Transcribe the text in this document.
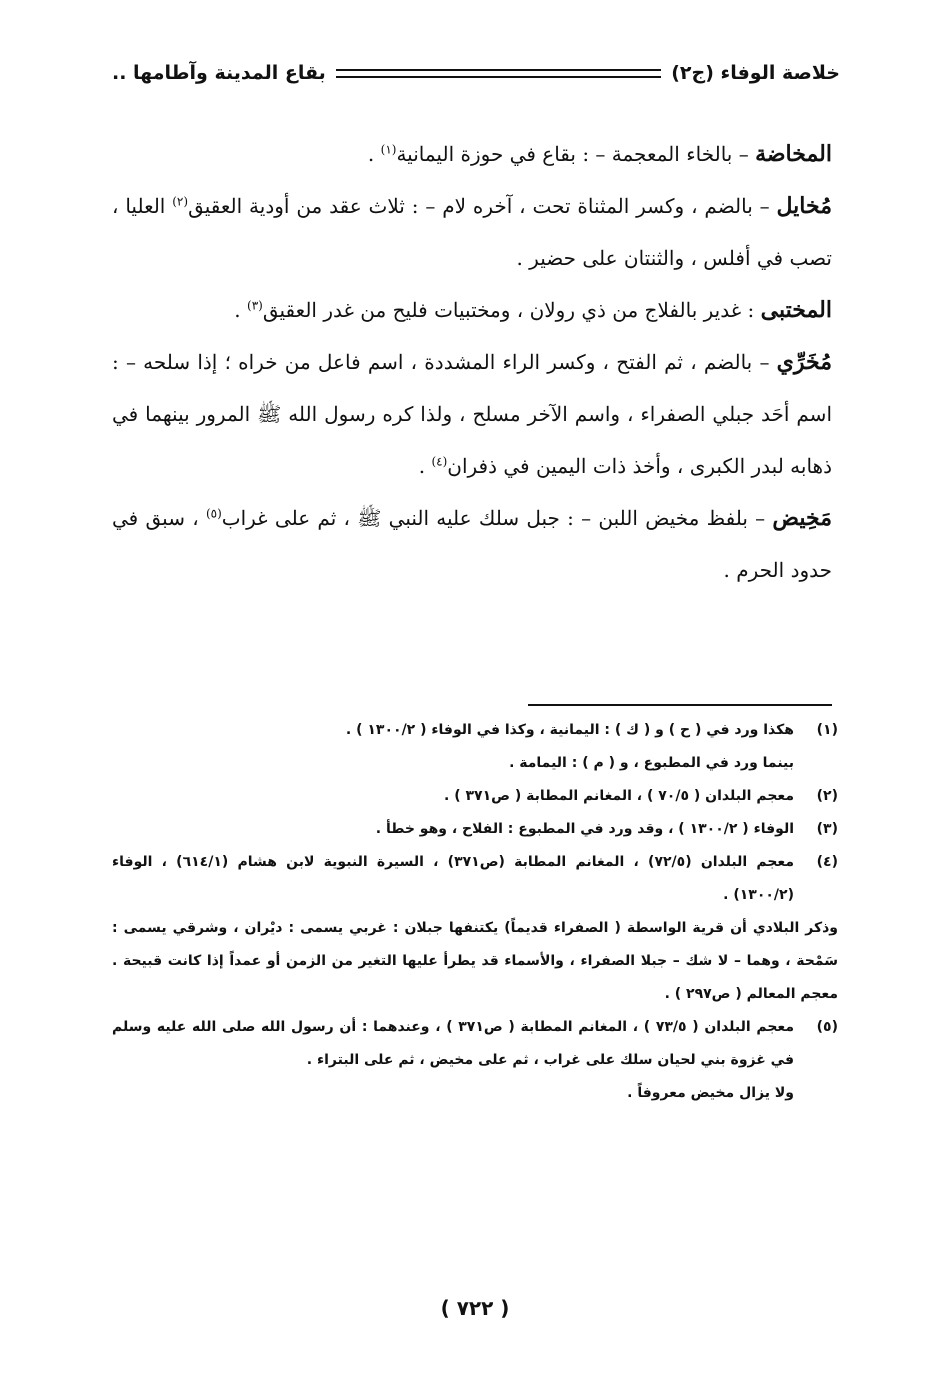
خلاصة الوفاء (ج٢)
بقاع المدينة وآطامها ..

المخاضة – بالخاء المعجمة – : بقاع في حوزة اليمانية$^{(١)}$ .

مُخايل – بالضم ، وكسر المثناة تحت ، آخره لام – : ثلاث عقد من أودية العقيق$^{(٢)}$ العليا ، تصب في أفلس ، والثنتان على حضير .

المختبى : غدير بالفلاج من ذي رولان ، ومختبيات فليح من غدر العقيق$^{(٣)}$ .

مُخَرِّي – بالضم ، ثم الفتح ، وكسر الراء المشددة ، اسم فاعل من خراه ؛ إذا سلحه – : اسم أحَد جبلي الصفراء ، واسم الآخر مسلح ، ولذا كره رسول الله ﷺ المرور بينهما في ذهابه لبدر الكبرى ، وأخذ ذات اليمين في ذفران$^{(٤)}$ .

مَخِيض – بلفظ مخيض اللبن – : جبل سلك عليه النبي ﷺ ، ثم على غراب$^{(٥)}$ ، سبق في حدود الحرم .

(١)
هكذا ورد في ( ح ) و ( ك ) : اليمانية ، وكذا في الوفاء ( ١٣٠٠/٢ ) .
بينما ورد في المطبوع ، و ( م ) : اليمامة .
(٢)
معجم البلدان ( ٧٠/٥ ) ، المغانم المطابة ( ص٣٧١ ) .
(٣)
الوفاء ( ١٣٠٠/٢ ) ، وقد ورد في المطبوع : الفلاح ، وهو خطأ .
(٤)
معجم البلدان (٧٢/٥) ، المغانم المطابة (ص٣٧١) ، السيرة النبوية لابن هشام (٦١٤/١) ، الوفاء (١٣٠٠/٢) .
وذكر البلادي أن قرية الواسطة ( الصفراء قديماً) يكتنفها جبلان : غربي يسمى : ديْران ، وشرقي يسمى : سَمْحة ، وهما – لا شك – جبلا الصفراء ، والأسماء قد يطرأ عليها التغير من الزمن أو عمداً إذا كانت قبيحة . معجم المعالم ( ص٢٩٧ ) .
(٥)
معجم البلدان ( ٧٣/٥ ) ، المغانم المطابة ( ص٣٧١ ) ، وعندهما : أن رسول الله صلى الله عليه وسلم في غزوة بني لحيان سلك على غراب ، ثم على مخيض ، ثم على البتراء .
ولا يزال مخيض معروفاً .
( ٧٢٢ )
